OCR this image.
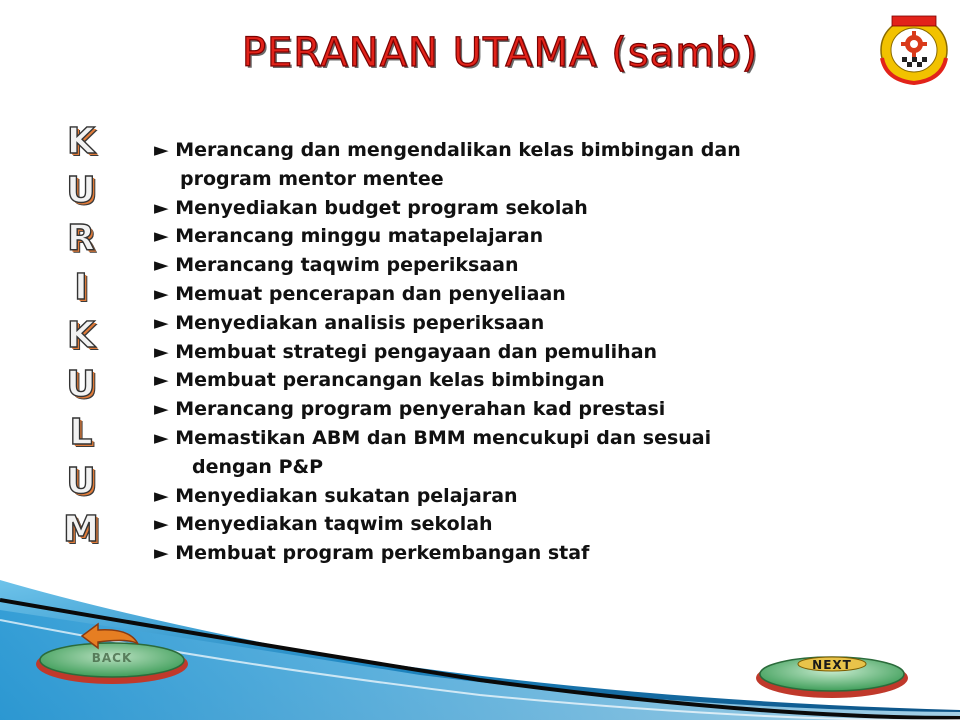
PERANAN UTAMA (samb)
K
U
R
I
K
U
L
U
M
► Merancang dan mengendalikan kelas bimbingan dan
program mentor mentee
► Menyediakan budget program sekolah
► Merancang minggu matapelajaran
► Merancang taqwim peperiksaan
► Memuat pencerapan dan penyeliaan
► Menyediakan analisis peperiksaan
► Membuat strategi pengayaan dan pemulihan
► Membuat perancangan kelas bimbingan
► Merancang program penyerahan kad prestasi
► Memastikan ABM dan BMM mencukupi dan sesuai
dengan P&P
► Menyediakan sukatan pelajaran
► Menyediakan taqwim sekolah
► Membuat program perkembangan staf
BACK	NEXT
